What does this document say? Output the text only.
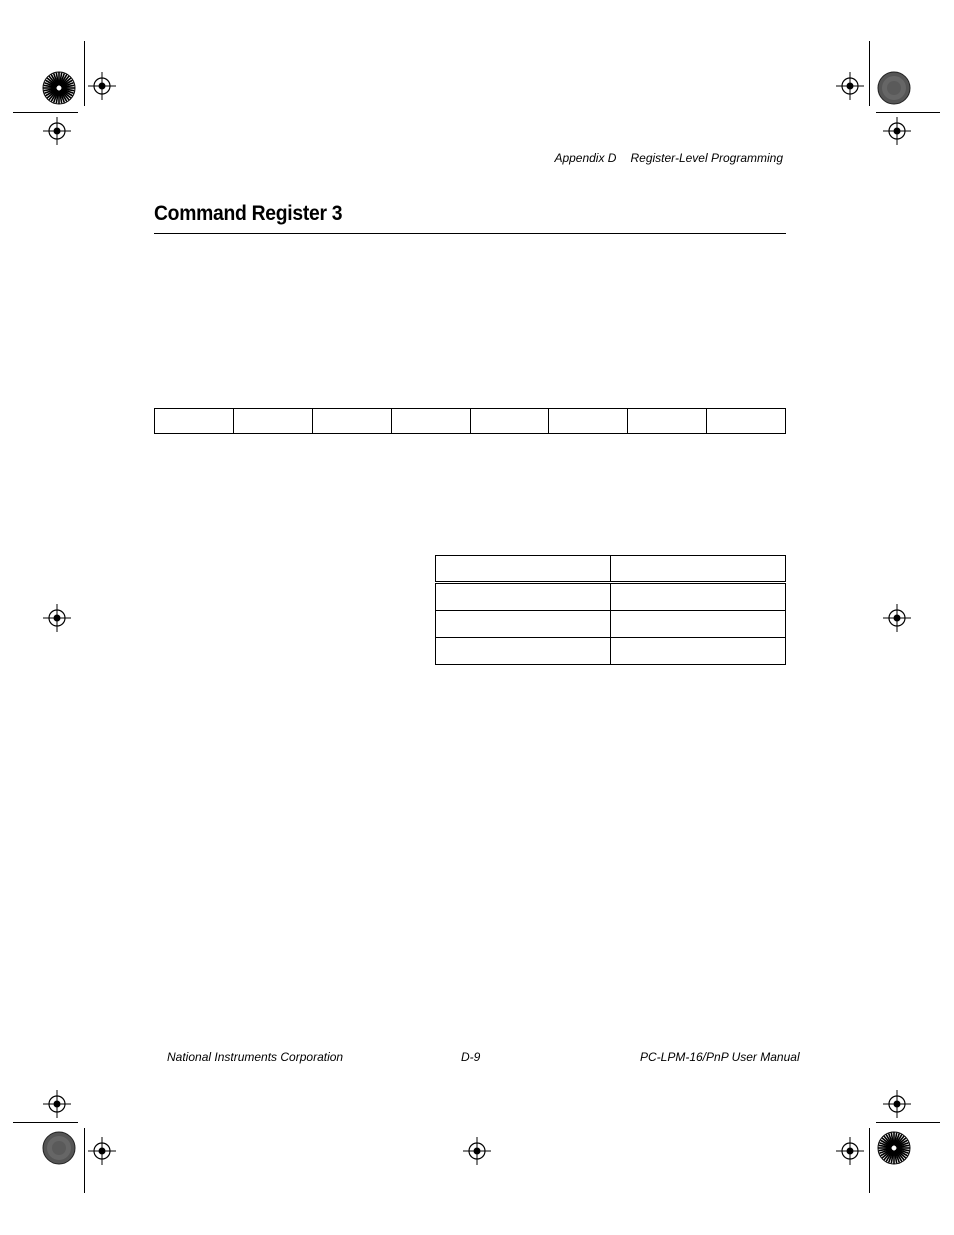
Appendix D Register-Level Programming
Command Register 3

National Instruments Corporation	D-9	PC-LPM-16/PnP User Manual
